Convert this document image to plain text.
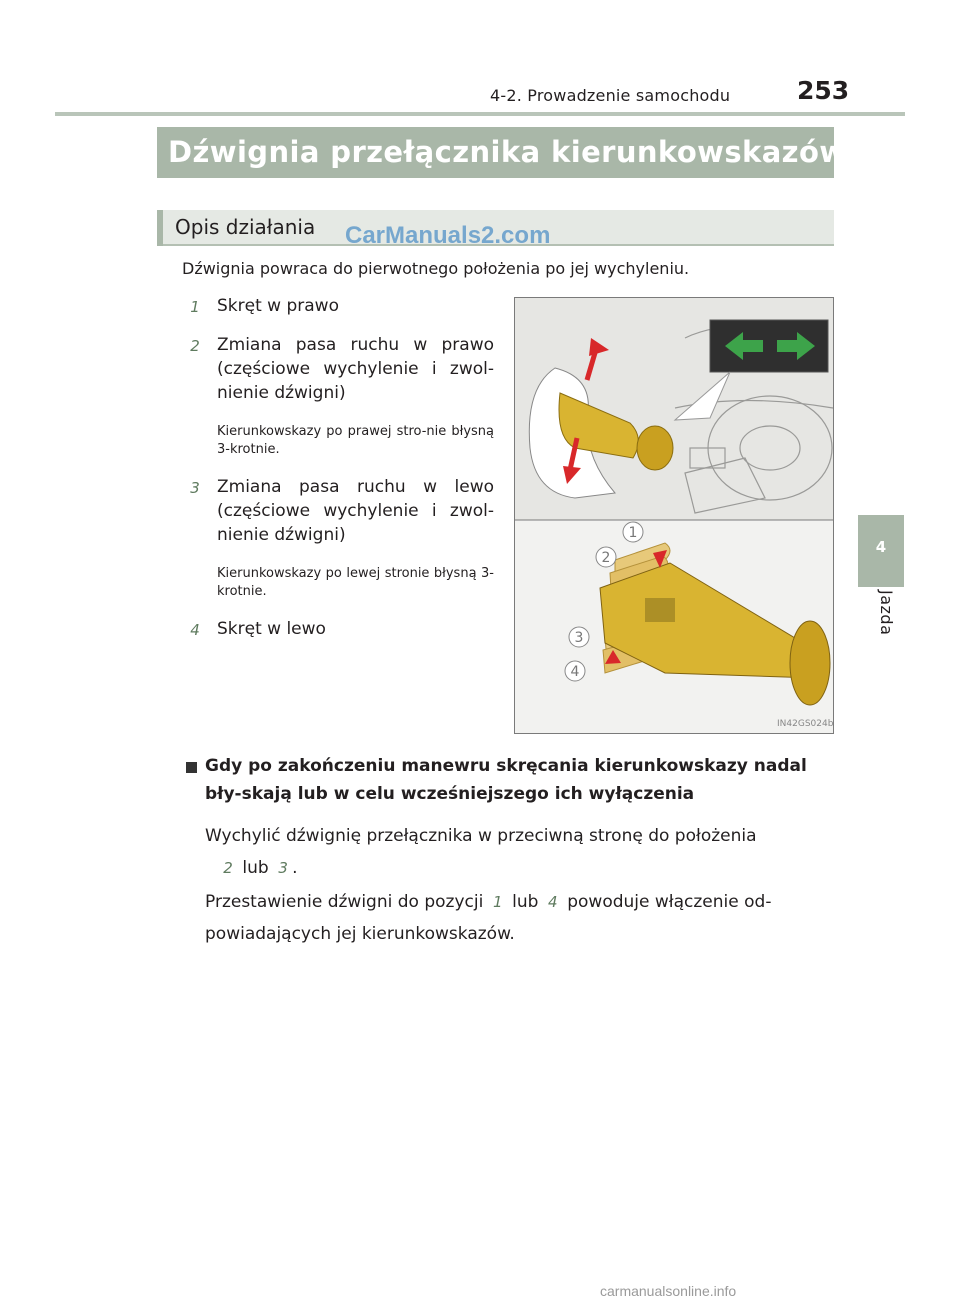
4-2. Prowadzenie samochodu	253
4
Jazda
Dźwignia przełącznika kierunkowskazów
Opis działania CarManuals2.com
Dźwignia powraca do pierwotnego położenia po jej wychyleniu.
1 Skręt w prawo
2 Zmiana pasa ruchu w prawo (częściowe wychylenie i zwol-nienie dźwigni)
Kierunkowskazy po prawej stro-nie błysną 3-krotnie.
3 Zmiana pasa ruchu w lewo (częściowe wychylenie i zwol-nienie dźwigni)
Kierunkowskazy po lewej stronie błysną 3-krotnie.
4 Skręt w lewo
1
2
3
4
IN42GS024b
Gdy po zakończeniu manewru skręcania kierunkowskazy nadal bły-skają lub w celu wcześniejszego ich wyłączenia
Wychylić dźwignię przełącznika w przeciwną stronę do położenia
2 lub 3 .
Przestawienie dźwigni do pozycji 1 lub 4 powoduje włączenie od-powiadających jej kierunkowskazów.
carmanualsonline.info
